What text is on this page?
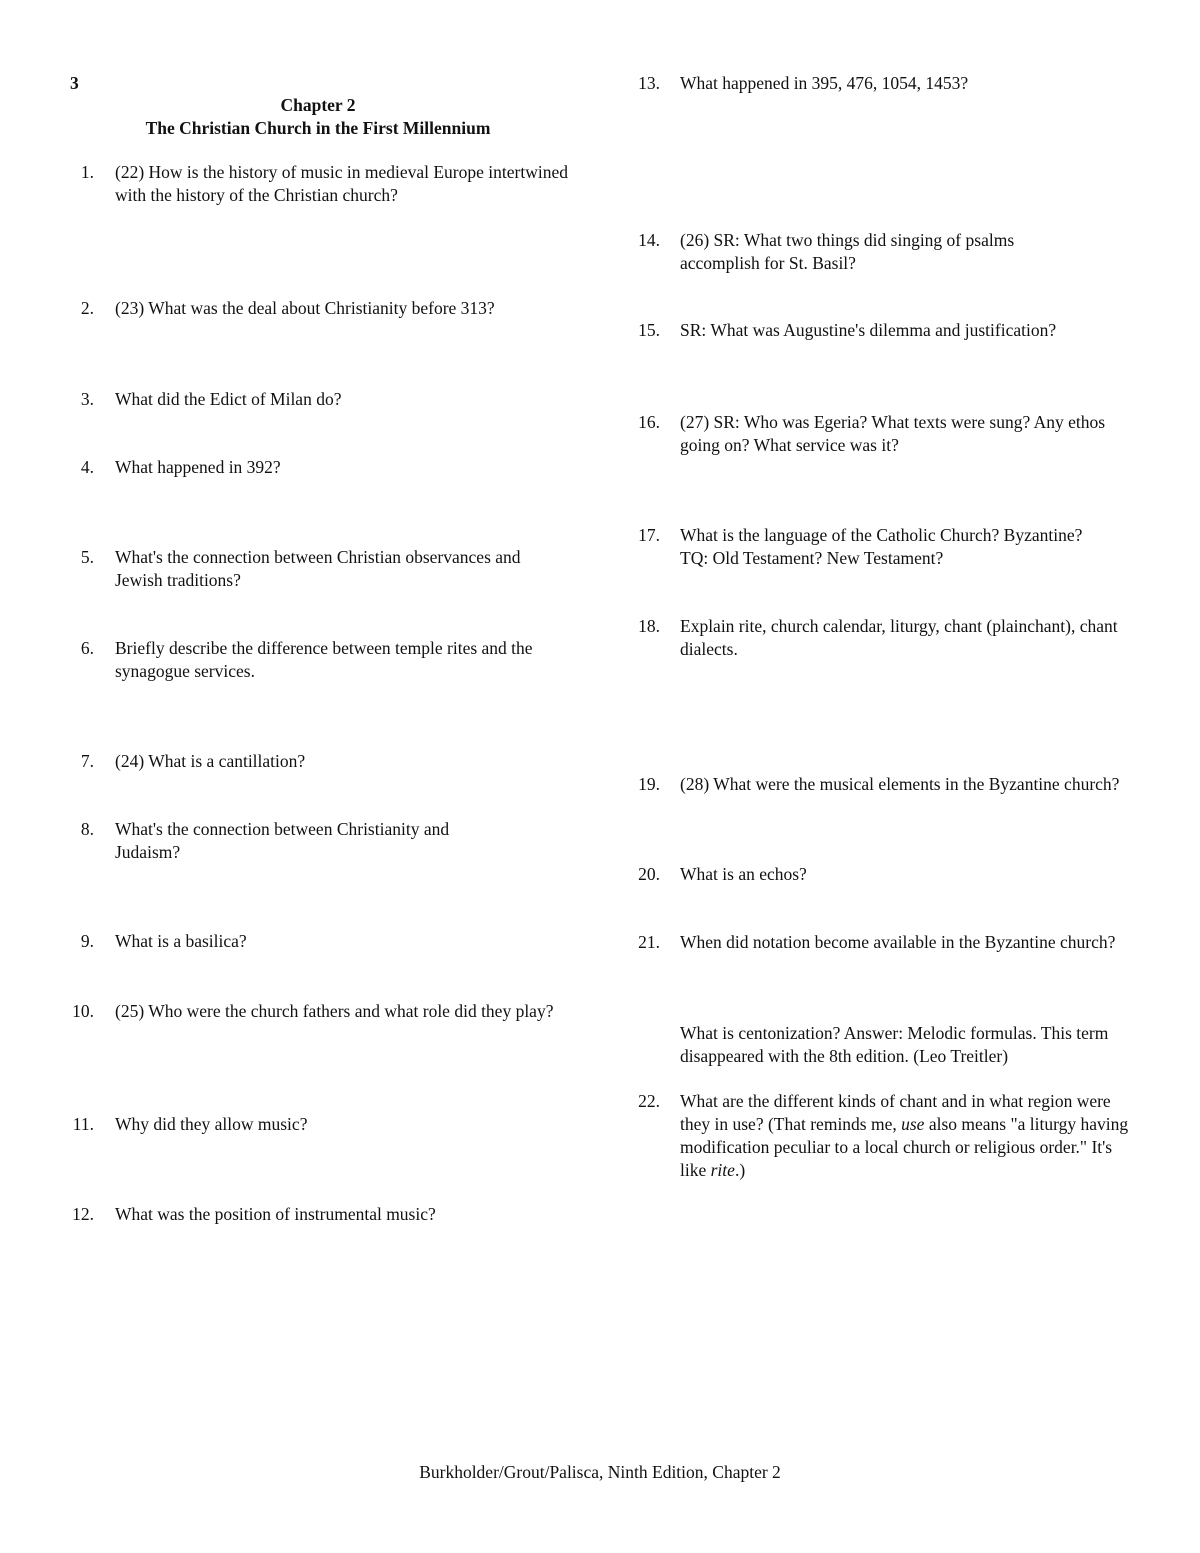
3
Chapter 2
The Christian Church in the First Millennium
1. (22) How is the history of music in medieval Europe intertwined with the history of the Christian church?
2. (23) What was the deal about Christianity before 313?
3. What did the Edict of Milan do?
4. What happened in 392?
5. What's the connection between Christian observances and Jewish traditions?
6. Briefly describe the difference between temple rites and the synagogue services.
7. (24) What is a cantillation?
8. What's the connection between Christianity and Judaism?
9. What is a basilica?
10. (25) Who were the church fathers and what role did they play?
11. Why did they allow music?
12. What was the position of instrumental music?
13. What happened in 395, 476, 1054, 1453?
14. (26) SR: What two things did singing of psalms accomplish for St. Basil?
15. SR: What was Augustine's dilemma and justification?
16. (27) SR: Who was Egeria? What texts were sung? Any ethos going on? What service was it?
17. What is the language of the Catholic Church? Byzantine? TQ: Old Testament? New Testament?
18. Explain rite, church calendar, liturgy, chant (plainchant), chant dialects.
19. (28) What were the musical elements in the Byzantine church?
20. What is an echos?
21. When did notation become available in the Byzantine church?
What is centonization? Answer: Melodic formulas. This term disappeared with the 8th edition. (Leo Treitler)
22. What are the different kinds of chant and in what region were they in use? (That reminds me, use also means "a liturgy having modification peculiar to a local church or religious order." It's like rite.)
Burkholder/Grout/Palisca, Ninth Edition, Chapter 2
